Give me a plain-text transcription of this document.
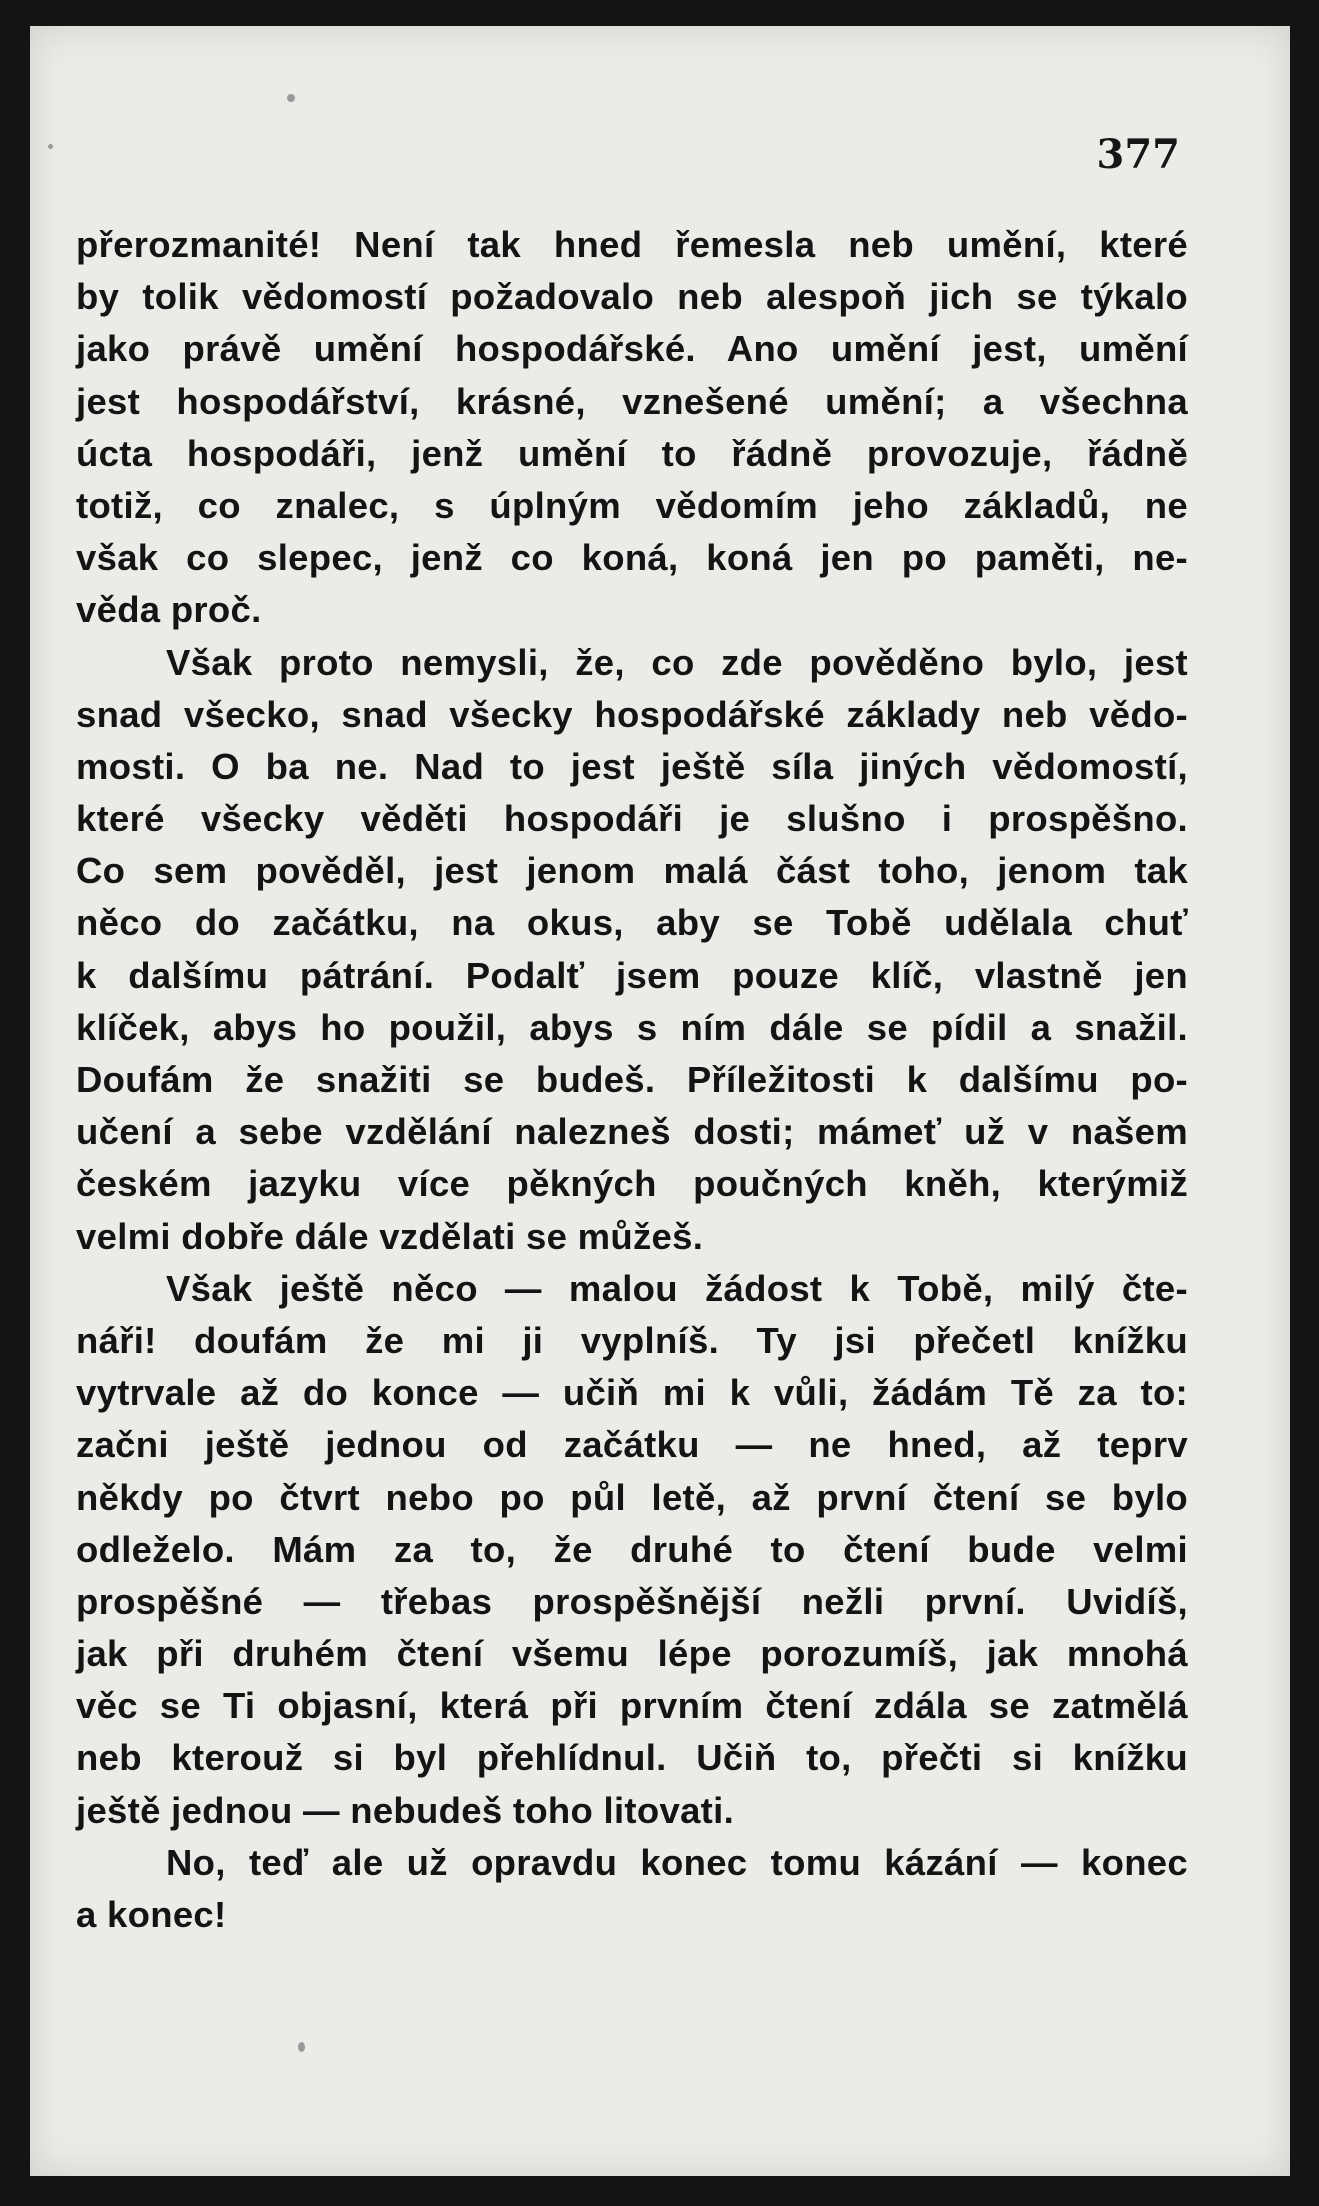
377
přerozmanité! Není tak hned řemesla neb umění, které
by tolik vědomostí požadovalo neb alespoň jich se týkalo
jako právě umění hospodářské. Ano umění jest, umění
jest hospodářství, krásné, vznešené umění; a všechna
úcta hospodáři, jenž umění to řádně provozuje, řádně
totiž, co znalec, s úplným vědomím jeho základů, ne
však co slepec, jenž co koná, koná jen po paměti, ne-
věda proč.
Však proto nemysli, že, co zde pověděno bylo, jest
snad všecko, snad všecky hospodářské základy neb vědo-
mosti. O ba ne. Nad to jest ještě síla jiných vědomostí,
které všecky věděti hospodáři je slušno i prospěšno.
Co sem pověděl, jest jenom malá část toho, jenom tak
něco do začátku, na okus, aby se Tobě udělala chuť
k dalšímu pátrání. Podalť jsem pouze klíč, vlastně jen
klíček, abys ho použil, abys s ním dále se pídil a snažil.
Doufám že snažiti se budeš. Příležitosti k dalšímu po-
učení a sebe vzdělání nalezneš dosti; mámeť už v našem
českém jazyku více pěkných poučných kněh, kterýmiž
velmi dobře dále vzdělati se můžeš.
Však ještě něco — malou žádost k Tobě, milý čte-
náři! doufám že mi ji vyplníš. Ty jsi přečetl knížku
vytrvale až do konce — učiň mi k vůli, žádám Tě za to:
začni ještě jednou od začátku — ne hned, až teprv
někdy po čtvrt nebo po půl letě, až první čtení se bylo
odleželo. Mám za to, že druhé to čtení bude velmi
prospěšné — třebas prospěšnější nežli první. Uvidíš,
jak při druhém čtení všemu lépe porozumíš, jak mnohá
věc se Ti objasní, která při prvním čtení zdála se zatmělá
neb kterouž si byl přehlídnul. Učiň to, přečti si knížku
ještě jednou — nebudeš toho litovati.
No, teď ale už opravdu konec tomu kázání — konec
a konec!
